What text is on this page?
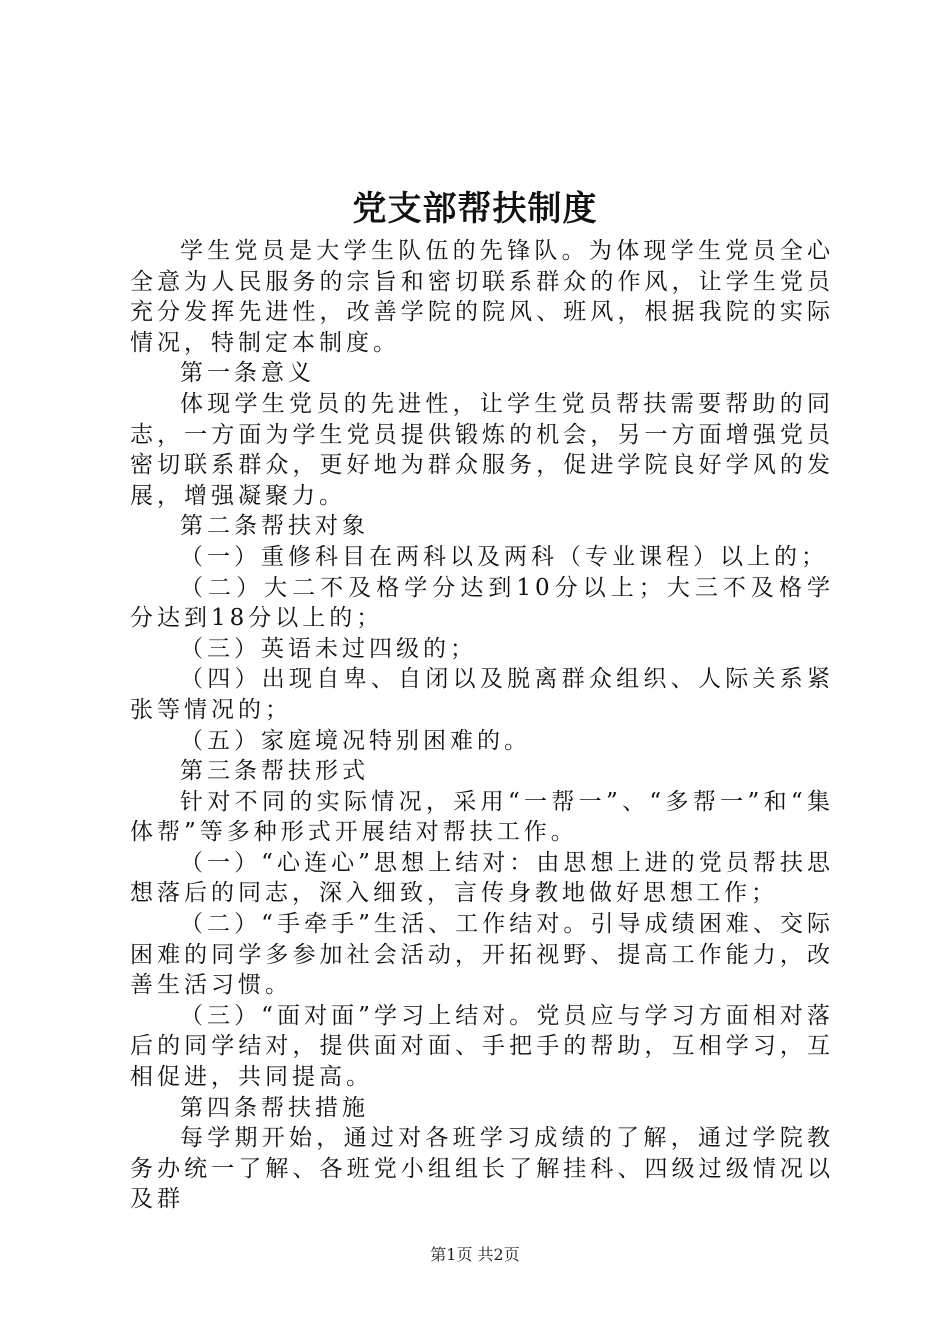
党支部帮扶制度

学生党员是大学生队伍的先锋队。为体现学生党员全心全意为人民服务的宗旨和密切联系群众的作风，让学生党员充分发挥先进性，改善学院的院风、班风，根据我院的实际情况，特制定本制度。

第一条意义

体现学生党员的先进性，让学生党员帮扶需要帮助的同志，一方面为学生党员提供锻炼的机会，另一方面增强党员密切联系群众，更好地为群众服务，促进学院良好学风的发展，增强凝聚力。

第二条帮扶对象

（一）重修科目在两科以及两科（专业课程）以上的；

（二）大二不及格学分达到10分以上；大三不及格学分达到18分以上的；

（三）英语未过四级的；

（四）出现自卑、自闭以及脱离群众组织、人际关系紧张等情况的；

（五）家庭境况特别困难的。

第三条帮扶形式

针对不同的实际情况，采用“一帮一”、“多帮一”和“集体帮”等多种形式开展结对帮扶工作。

（一）“心连心”思想上结对：由思想上进的党员帮扶思想落后的同志，深入细致，言传身教地做好思想工作；

（二）“手牵手”生活、工作结对。引导成绩困难、交际困难的同学多参加社会活动，开拓视野、提高工作能力，改善生活习惯。

（三）“面对面”学习上结对。党员应与学习方面相对落后的同学结对，提供面对面、手把手的帮助，互相学习，互相促进，共同提高。

第四条帮扶措施

每学期开始，通过对各班学习成绩的了解，通过学院教务办统一了解、各班党小组组长了解挂科、四级过级情况以及群

第1页 共2页
